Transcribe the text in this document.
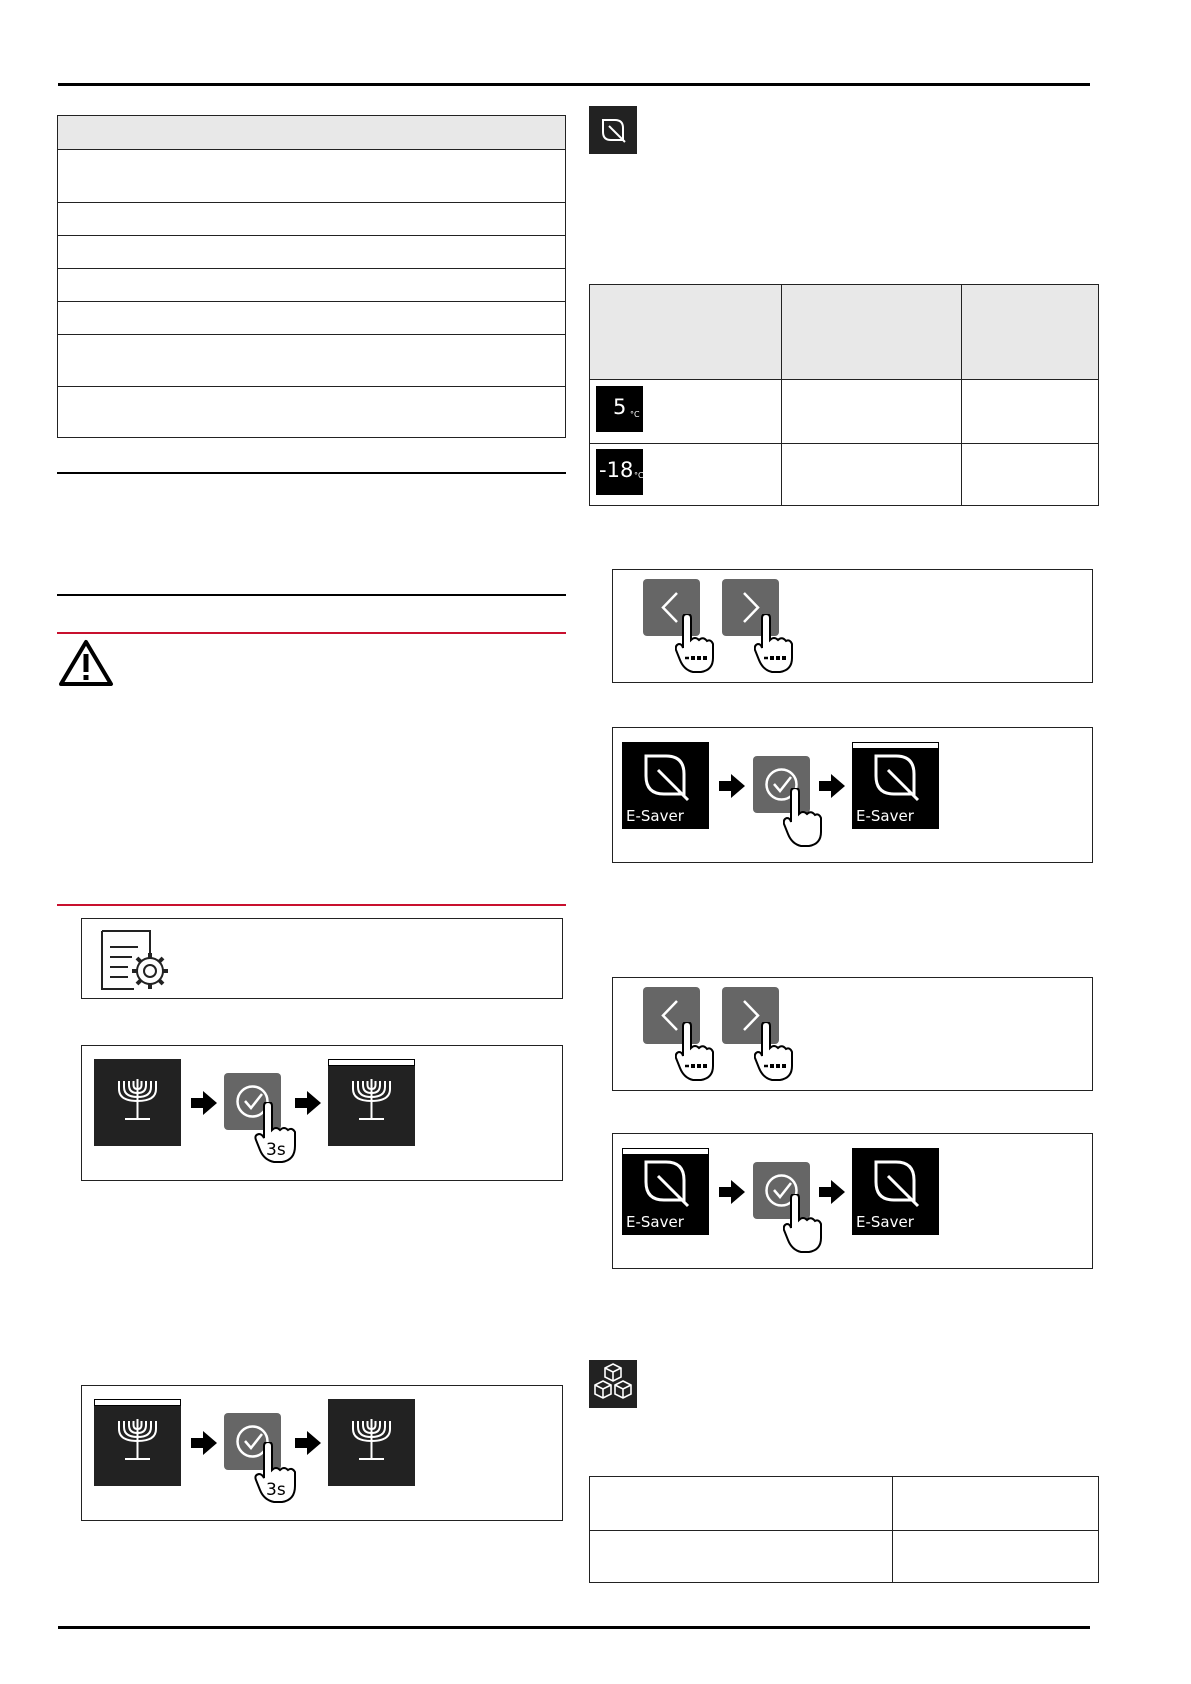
3s
3s
5 °C
-18 °C
E-Saver	E-Saver
E-Saver	E-Saver
